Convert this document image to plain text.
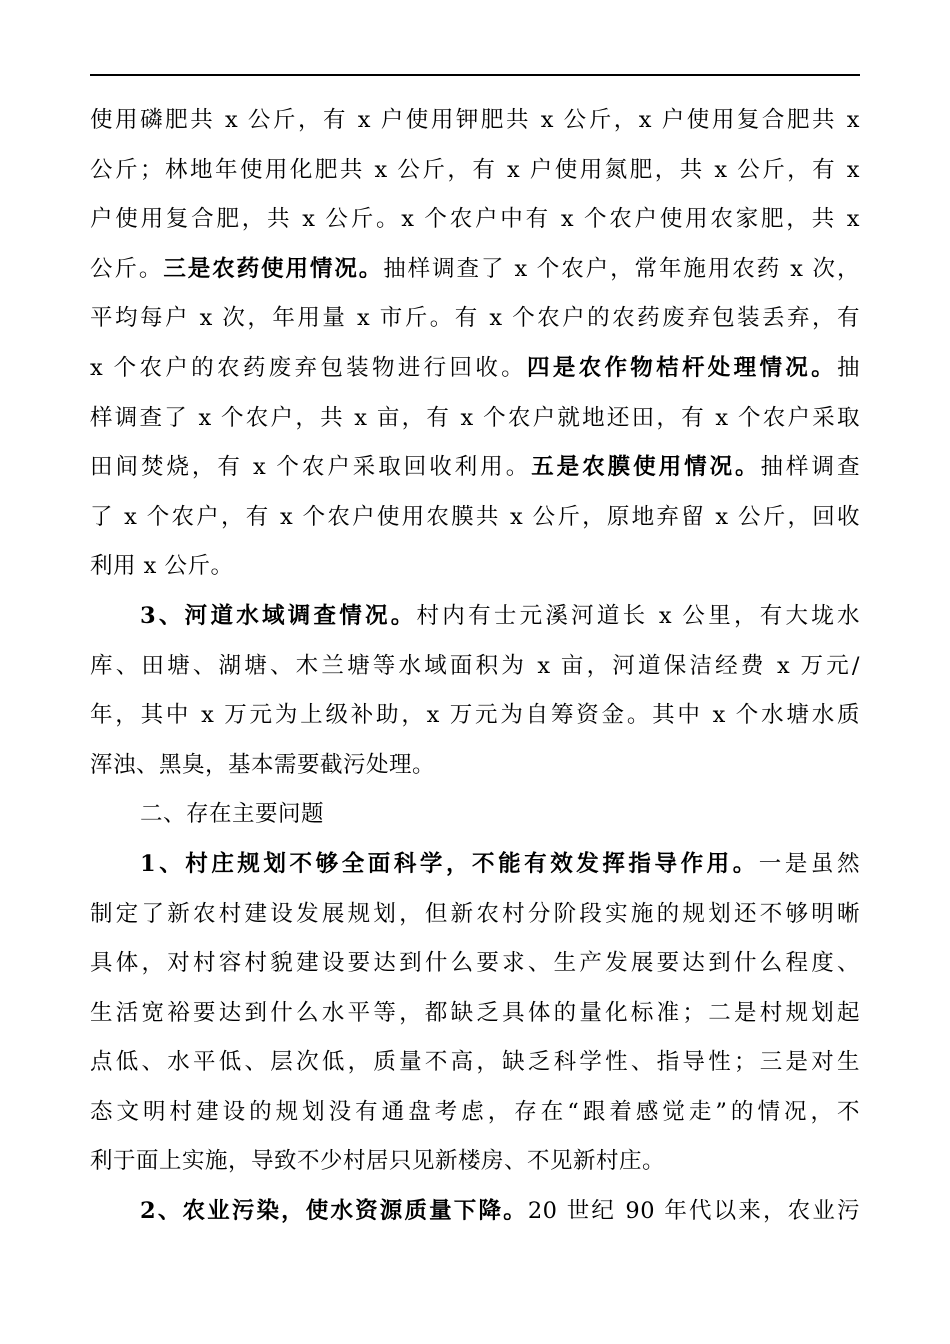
使用磷肥共 x 公斤，有 x 户使用钾肥共 x 公斤，x 户使用复合肥共 x
公斤；林地年使用化肥共 x 公斤，有 x 户使用氮肥，共 x 公斤，有 x
户使用复合肥，共 x 公斤。x 个农户中有 x 个农户使用农家肥，共 x
公斤。三是农药使用情况。抽样调查了 x 个农户，常年施用农药 x 次，
平均每户 x 次，年用量 x 市斤。有 x 个农户的农药废弃包装丢弃，有
x 个农户的农药废弃包装物进行回收。四是农作物桔杆处理情况。抽
样调查了 x 个农户，共 x 亩，有 x 个农户就地还田，有 x 个农户采取
田间焚烧，有 x 个农户采取回收利用。五是农膜使用情况。抽样调查
了 x 个农户，有 x 个农户使用农膜共 x 公斤，原地弃留 x 公斤，回收
利用 x 公斤。
3、河道水域调查情况。村内有士元溪河道长 x 公里，有大垅水
库、田塘、湖塘、木兰塘等水域面积为 x 亩，河道保洁经费 x 万元/
年，其中 x 万元为上级补助，x 万元为自筹资金。其中 x 个水塘水质
浑浊、黑臭，基本需要截污处理。
二、存在主要问题
1、村庄规划不够全面科学，不能有效发挥指导作用。一是虽然
制定了新农村建设发展规划，但新农村分阶段实施的规划还不够明晰
具体，对村容村貌建设要达到什么要求、生产发展要达到什么程度、
生活宽裕要达到什么水平等，都缺乏具体的量化标准；二是村规划起
点低、水平低、层次低，质量不高，缺乏科学性、指导性；三是对生
态文明村建设的规划没有通盘考虑，存在“跟着感觉走”的情况，不
利于面上实施，导致不少村居只见新楼房、不见新村庄。
2、农业污染，使水资源质量下降。20 世纪 90 年代以来，农业污
